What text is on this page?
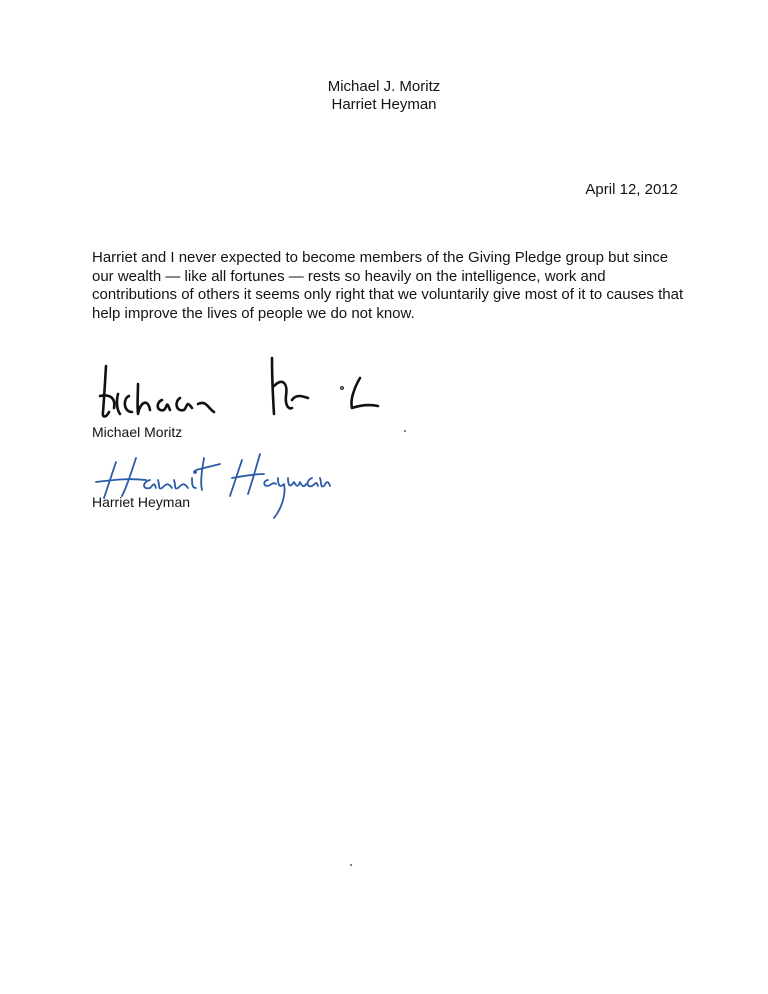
Michael J. Moritz
Harriet Heyman
April 12, 2012

Harriet and I never expected to become members of the Giving Pledge group but since our wealth — like all fortunes — rests so heavily on the intelligence, work and contributions of others it seems only right that we voluntarily give most of it to causes that help improve the lives of people we do not know.

Michael Moritz
Harriet Heyman
